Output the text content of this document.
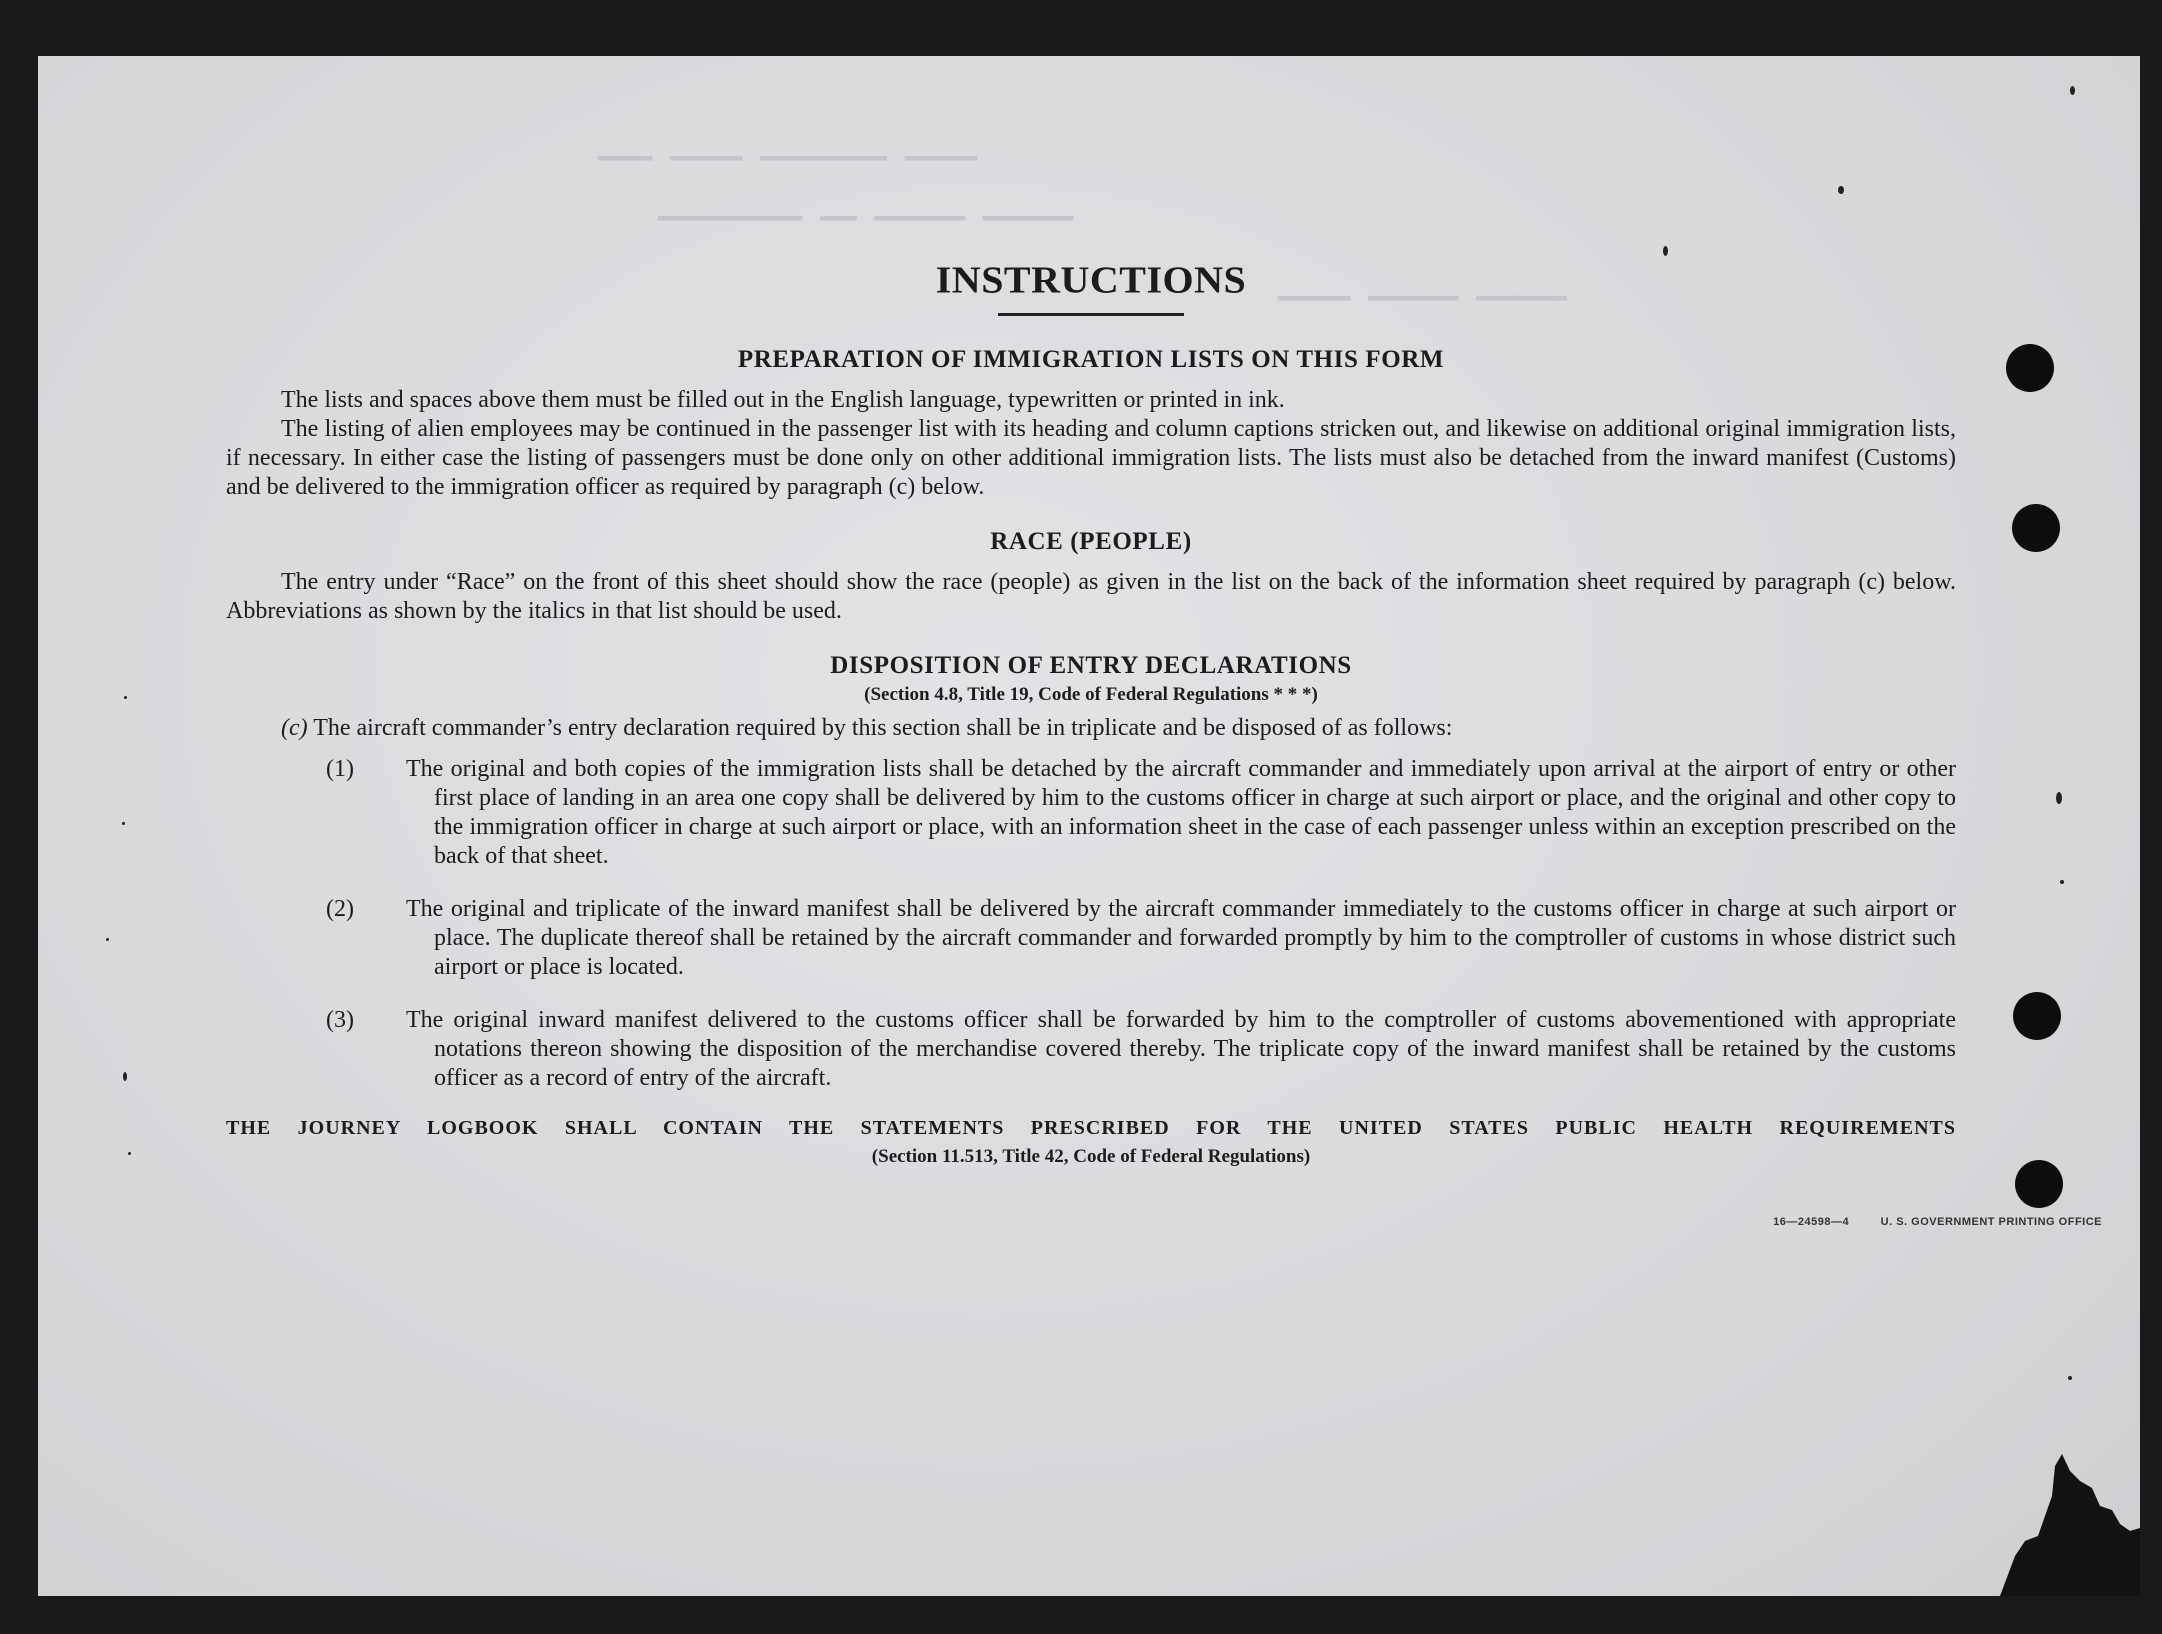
▁▁▁▁ ▁▁▁▁▁▁▁ ▁▁▁▁ ▁▁▁
▁▁▁▁▁ ▁▁▁▁▁ ▁▁ ▁▁▁▁▁▁▁▁
▁▁▁▁▁ ▁▁▁▁▁ ▁▁▁▁
INSTRUCTIONS
PREPARATION OF IMMIGRATION LISTS ON THIS FORM

The lists and spaces above them must be filled out in the English language, typewritten or printed in ink.

The listing of alien employees may be continued in the passenger list with its heading and column captions stricken out, and likewise on additional original immigration lists, if necessary. In either case the listing of passengers must be done only on other additional immigration lists. The lists must also be detached from the inward manifest (Customs) and be delivered to the immigration officer as required by paragraph (c) below.

RACE (PEOPLE)

The entry under “Race” on the front of this sheet should show the race (people) as given in the list on the back of the information sheet required by paragraph (c) below. Abbreviations as shown by the italics in that list should be used.

DISPOSITION OF ENTRY DECLARATIONS
(Section 4.8, Title 19, Code of Federal Regulations * * *)
(c) The aircraft commander’s entry declaration required by this section shall be in triplicate and be disposed of as follows:
(1) The original and both copies of the immigration lists shall be detached by the aircraft commander and immediately upon arrival at the airport of entry or other first place of landing in an area one copy shall be delivered by him to the customs officer in charge at such airport or place, and the original and other copy to the immigration officer in charge at such airport or place, with an information sheet in the case of each passenger unless within an exception prescribed on the back of that sheet.
(2) The original and triplicate of the inward manifest shall be delivered by the aircraft commander immediately to the customs officer in charge at such airport or place. The duplicate thereof shall be retained by the aircraft commander and forwarded promptly by him to the comptroller of customs in whose district such airport or place is located.
(3) The original inward manifest delivered to the customs officer shall be forwarded by him to the comptroller of customs abovementioned with appropriate notations thereon showing the disposition of the merchandise covered thereby. The triplicate copy of the inward manifest shall be retained by the customs officer as a record of entry of the aircraft.
THE JOURNEY LOGBOOK SHALL CONTAIN THE STATEMENTS PRESCRIBED FOR THE UNITED STATES PUBLIC HEALTH REQUIREMENTS
(Section 11.513, Title 42, Code of Federal Regulations)
16—24598—4	U. S. GOVERNMENT PRINTING OFFICE
